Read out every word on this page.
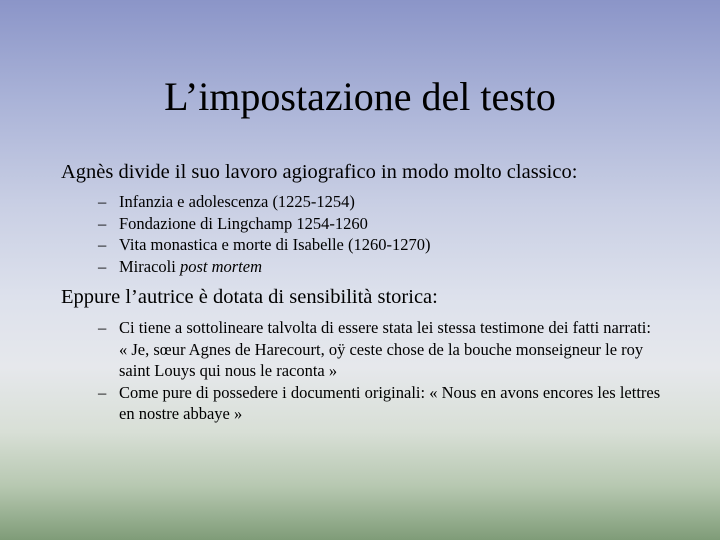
L’impostazione del testo
Agnès divide il suo lavoro agiografico in modo molto classico:
– Infanzia e adolescenza (1225-1254)
– Fondazione di Lingchamp 1254-1260
– Vita monastica e morte di Isabelle (1260-1270)
– Miracoli post mortem
Eppure l’autrice è dotata di sensibilità storica:
– Ci tiene a sottolineare talvolta di essere stata lei stessa testimone dei fatti narrati: « Je, sœur Agnes de Harecourt, oÿ ceste chose de la bouche monseigneur le roy saint Louys qui nous le raconta »
– Come pure di possedere i documenti originali: « Nous en avons encores les lettres en nostre abbaye »
